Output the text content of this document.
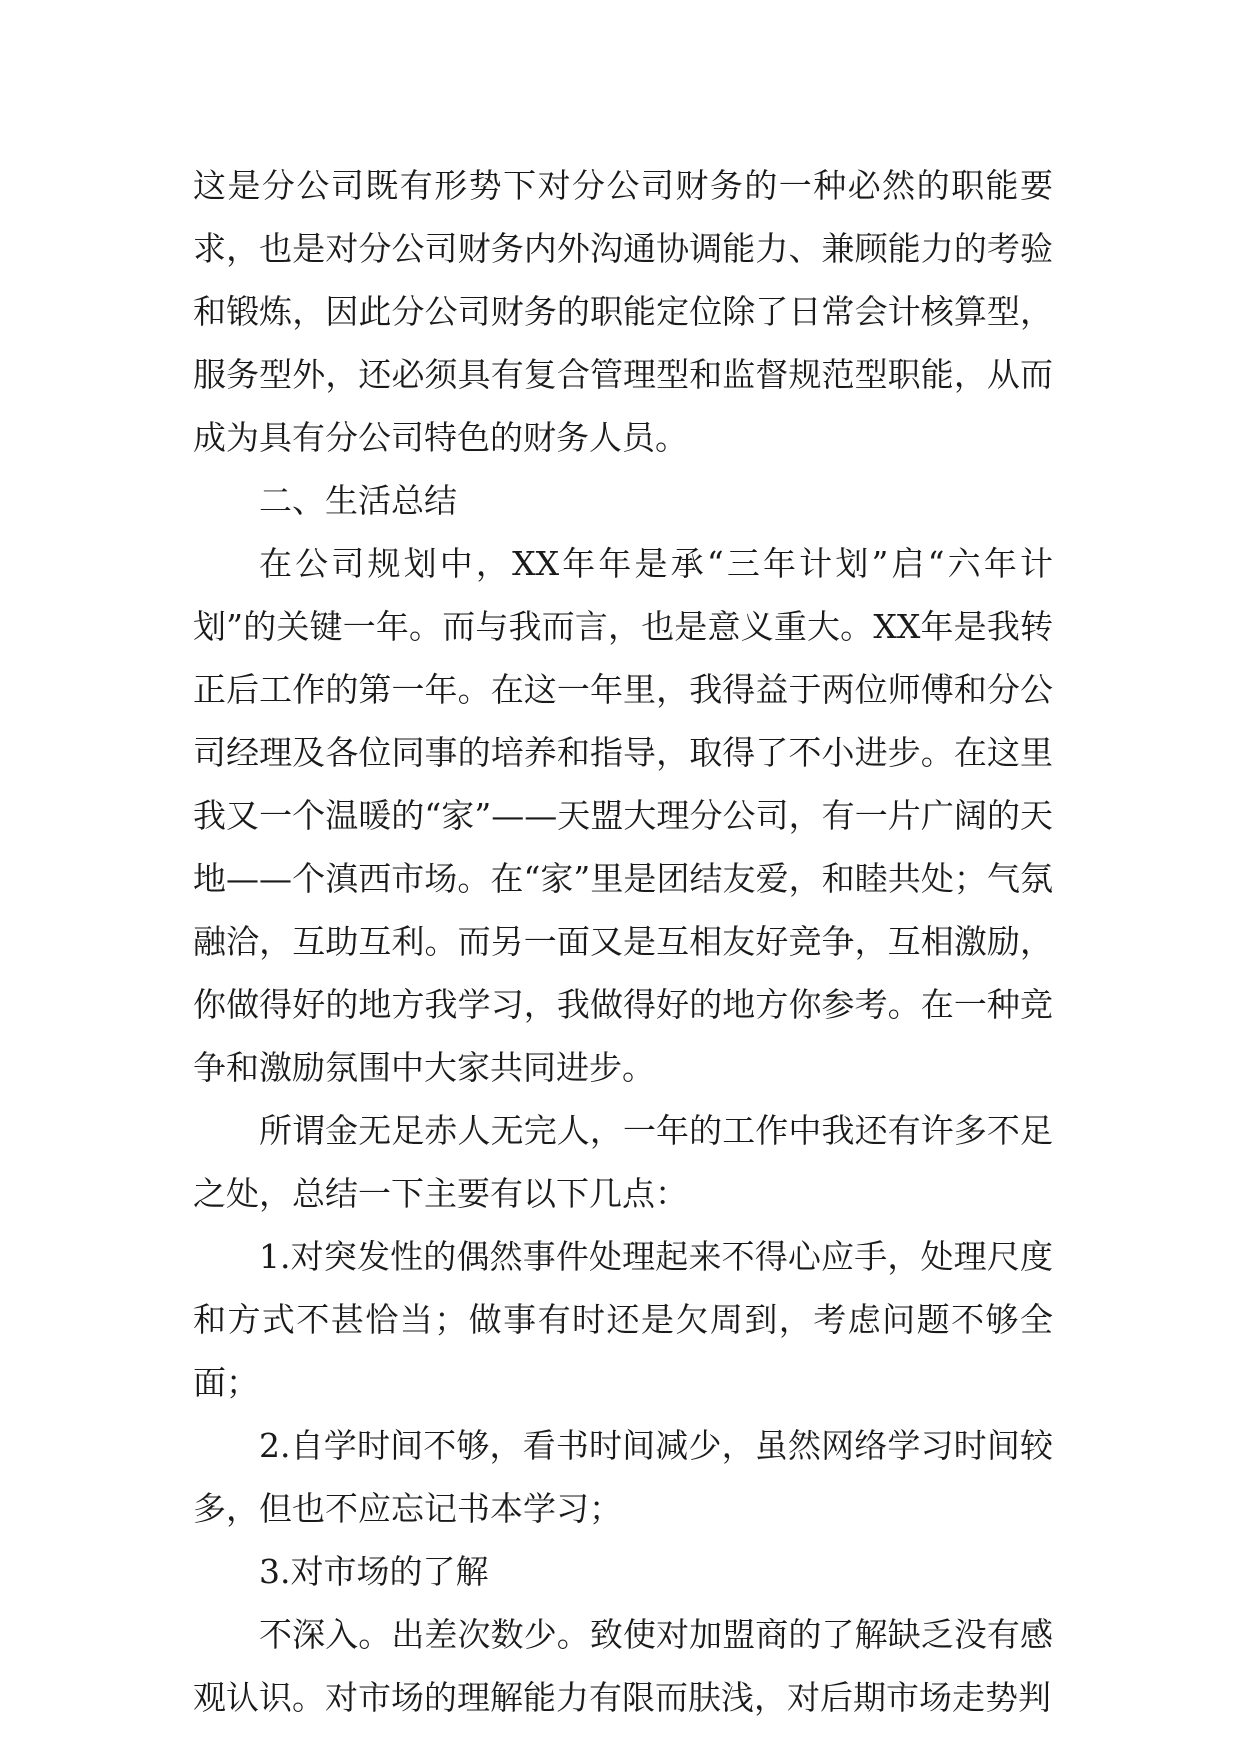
这是分公司既有形势下对分公司财务的一种必然的职能要求，也是对分公司财务内外沟通协调能力、兼顾能力的考验和锻炼，因此分公司财务的职能定位除了日常会计核算型，服务型外，还必须具有复合管理型和监督规范型职能，从而成为具有分公司特色的财务人员。

二、生活总结

在公司规划中，XX年年是承“三年计划”启“六年计划”的关键一年。而与我而言，也是意义重大。XX年是我转正后工作的第一年。在这一年里，我得益于两位师傅和分公司经理及各位同事的培养和指导，取得了不小进步。在这里我又一个温暖的“家”——天盟大理分公司，有一片广阔的天地——个滇西市场。在“家”里是团结友爱，和睦共处；气氛融洽，互助互利。而另一面又是互相友好竞争，互相激励，你做得好的地方我学习，我做得好的地方你参考。在一种竞争和激励氛围中大家共同进步。

所谓金无足赤人无完人，一年的工作中我还有许多不足之处，总结一下主要有以下几点：

1.对突发性的偶然事件处理起来不得心应手，处理尺度和方式不甚恰当；做事有时还是欠周到，考虑问题不够全面；

2.自学时间不够，看书时间减少，虽然网络学习时间较多，但也不应忘记书本学习；

3.对市场的了解

不深入。出差次数少。致使对加盟商的了解缺乏没有感观认识。对市场的理解能力有限而肤浅，对后期市场走势判
